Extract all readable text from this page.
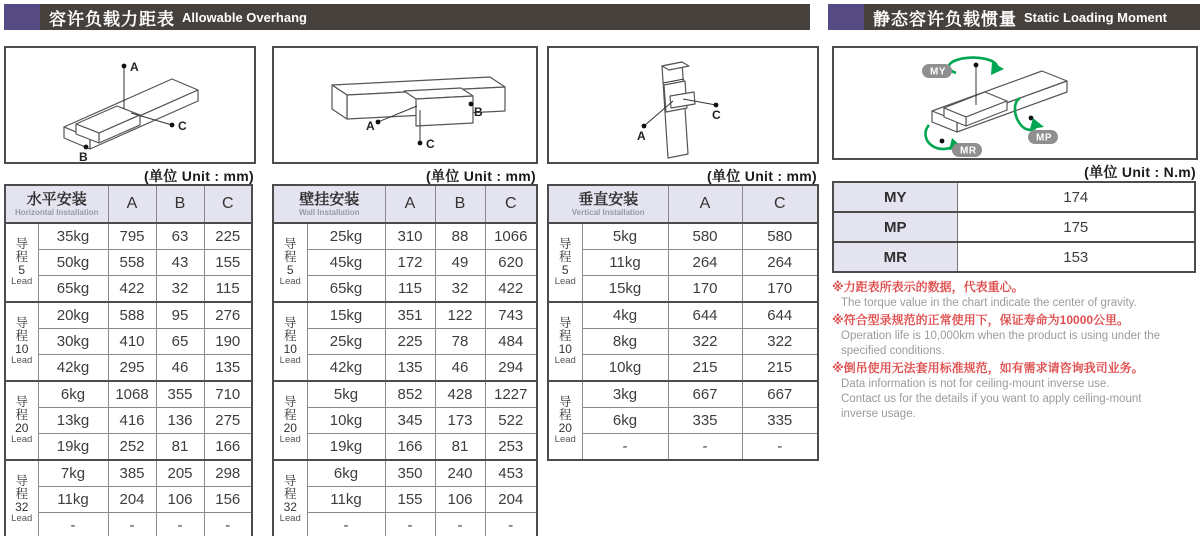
容许负载力距表 Allowable Overhang	静态容许负载惯量 Static Loading Moment
A
C
B
(单位 Unit : mm)
水平安装
Horizontal Installation		A	B	C

导
程
5
Lead	35kg	795	63	225
	50kg	558	43	155
	65kg	422	32	115

导
程
10
Lead	20kg	588	95	276
	30kg	410	65	190
	42kg	295	46	135

导
程
20
Lead	6kg	1068	355	710
	13kg	416	136	275
	19kg	252	81	166

导
程
32
Lead	7kg	385	205	298
	11kg	204	106	156
	-	-	-	-
A
C
B
(单位 Unit : mm)
壁挂安装
Wall Installation		A	B	C

导
程
5
Lead	25kg	310	88	1066
	45kg	172	49	620
	65kg	115	32	422

导
程
10
Lead	15kg	351	122	743
	25kg	225	78	484
	42kg	135	46	294

导
程
20
Lead	5kg	852	428	1227
	10kg	345	173	522
	19kg	166	81	253

导
程
32
Lead	6kg	350	240	453
	11kg	155	106	204
	-	-	-	-
A
C
(单位 Unit : mm)
垂直安装
Vertical Installation		A	C

导
程
5
Lead	5kg	580	580
	11kg	264	264
	15kg	170	170

导
程
10
Lead	4kg	644	644
	8kg	322	322
	10kg	215	215

导
程
20
Lead	3kg	667	667
	6kg	335	335
	-	-	-
MY
MP
MR
(单位 Unit : N.m)
MY	174
MP	175
MR	153
※力距表所表示的数据，代表重心。
The torque value in the chart indicate the center of gravity.
※符合型录规范的正常使用下，保证寿命为10000公里。
Operation life is 10,000km when the product is using under the
specified conditions.
※倒吊使用无法套用标准规范，如有需求请咨询我司业务。
Data information is not for ceiling-mount inverse use.
Contact us for the details if you want to apply ceiling-mount
inverse usage.
